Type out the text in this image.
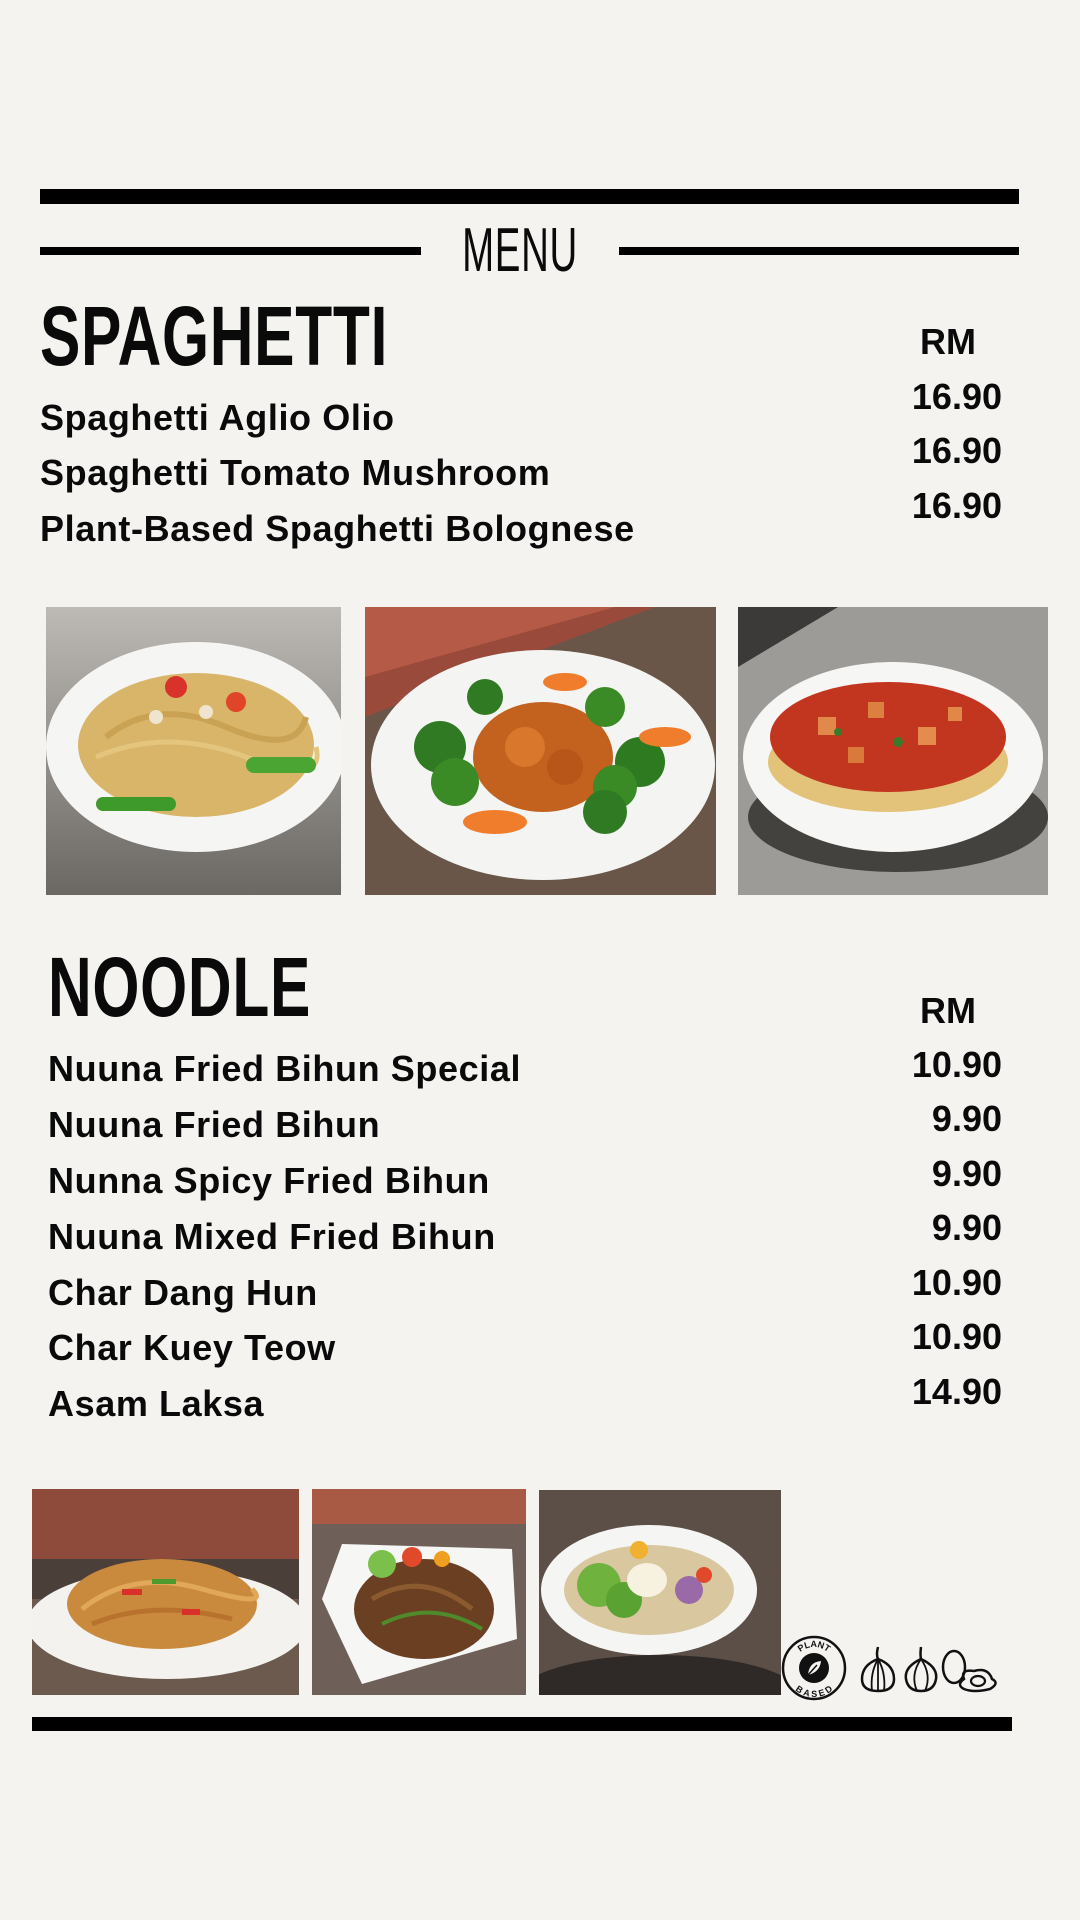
MENU
SPAGHETTI	RM
Spaghetti Aglio Olio
Spaghetti Tomato Mushroom
Plant-Based Spaghetti Bolognese
16.90
16.90
16.90
NOODLE	RM
Nuuna Fried Bihun Special
Nuuna Fried Bihun
Nunna Spicy Fried Bihun
Nuuna Mixed Fried Bihun
Char Dang Hun
Char Kuey Teow
Asam Laksa
10.90
9.90
9.90
9.90
10.90
10.90
14.90
PLANT
BASED
